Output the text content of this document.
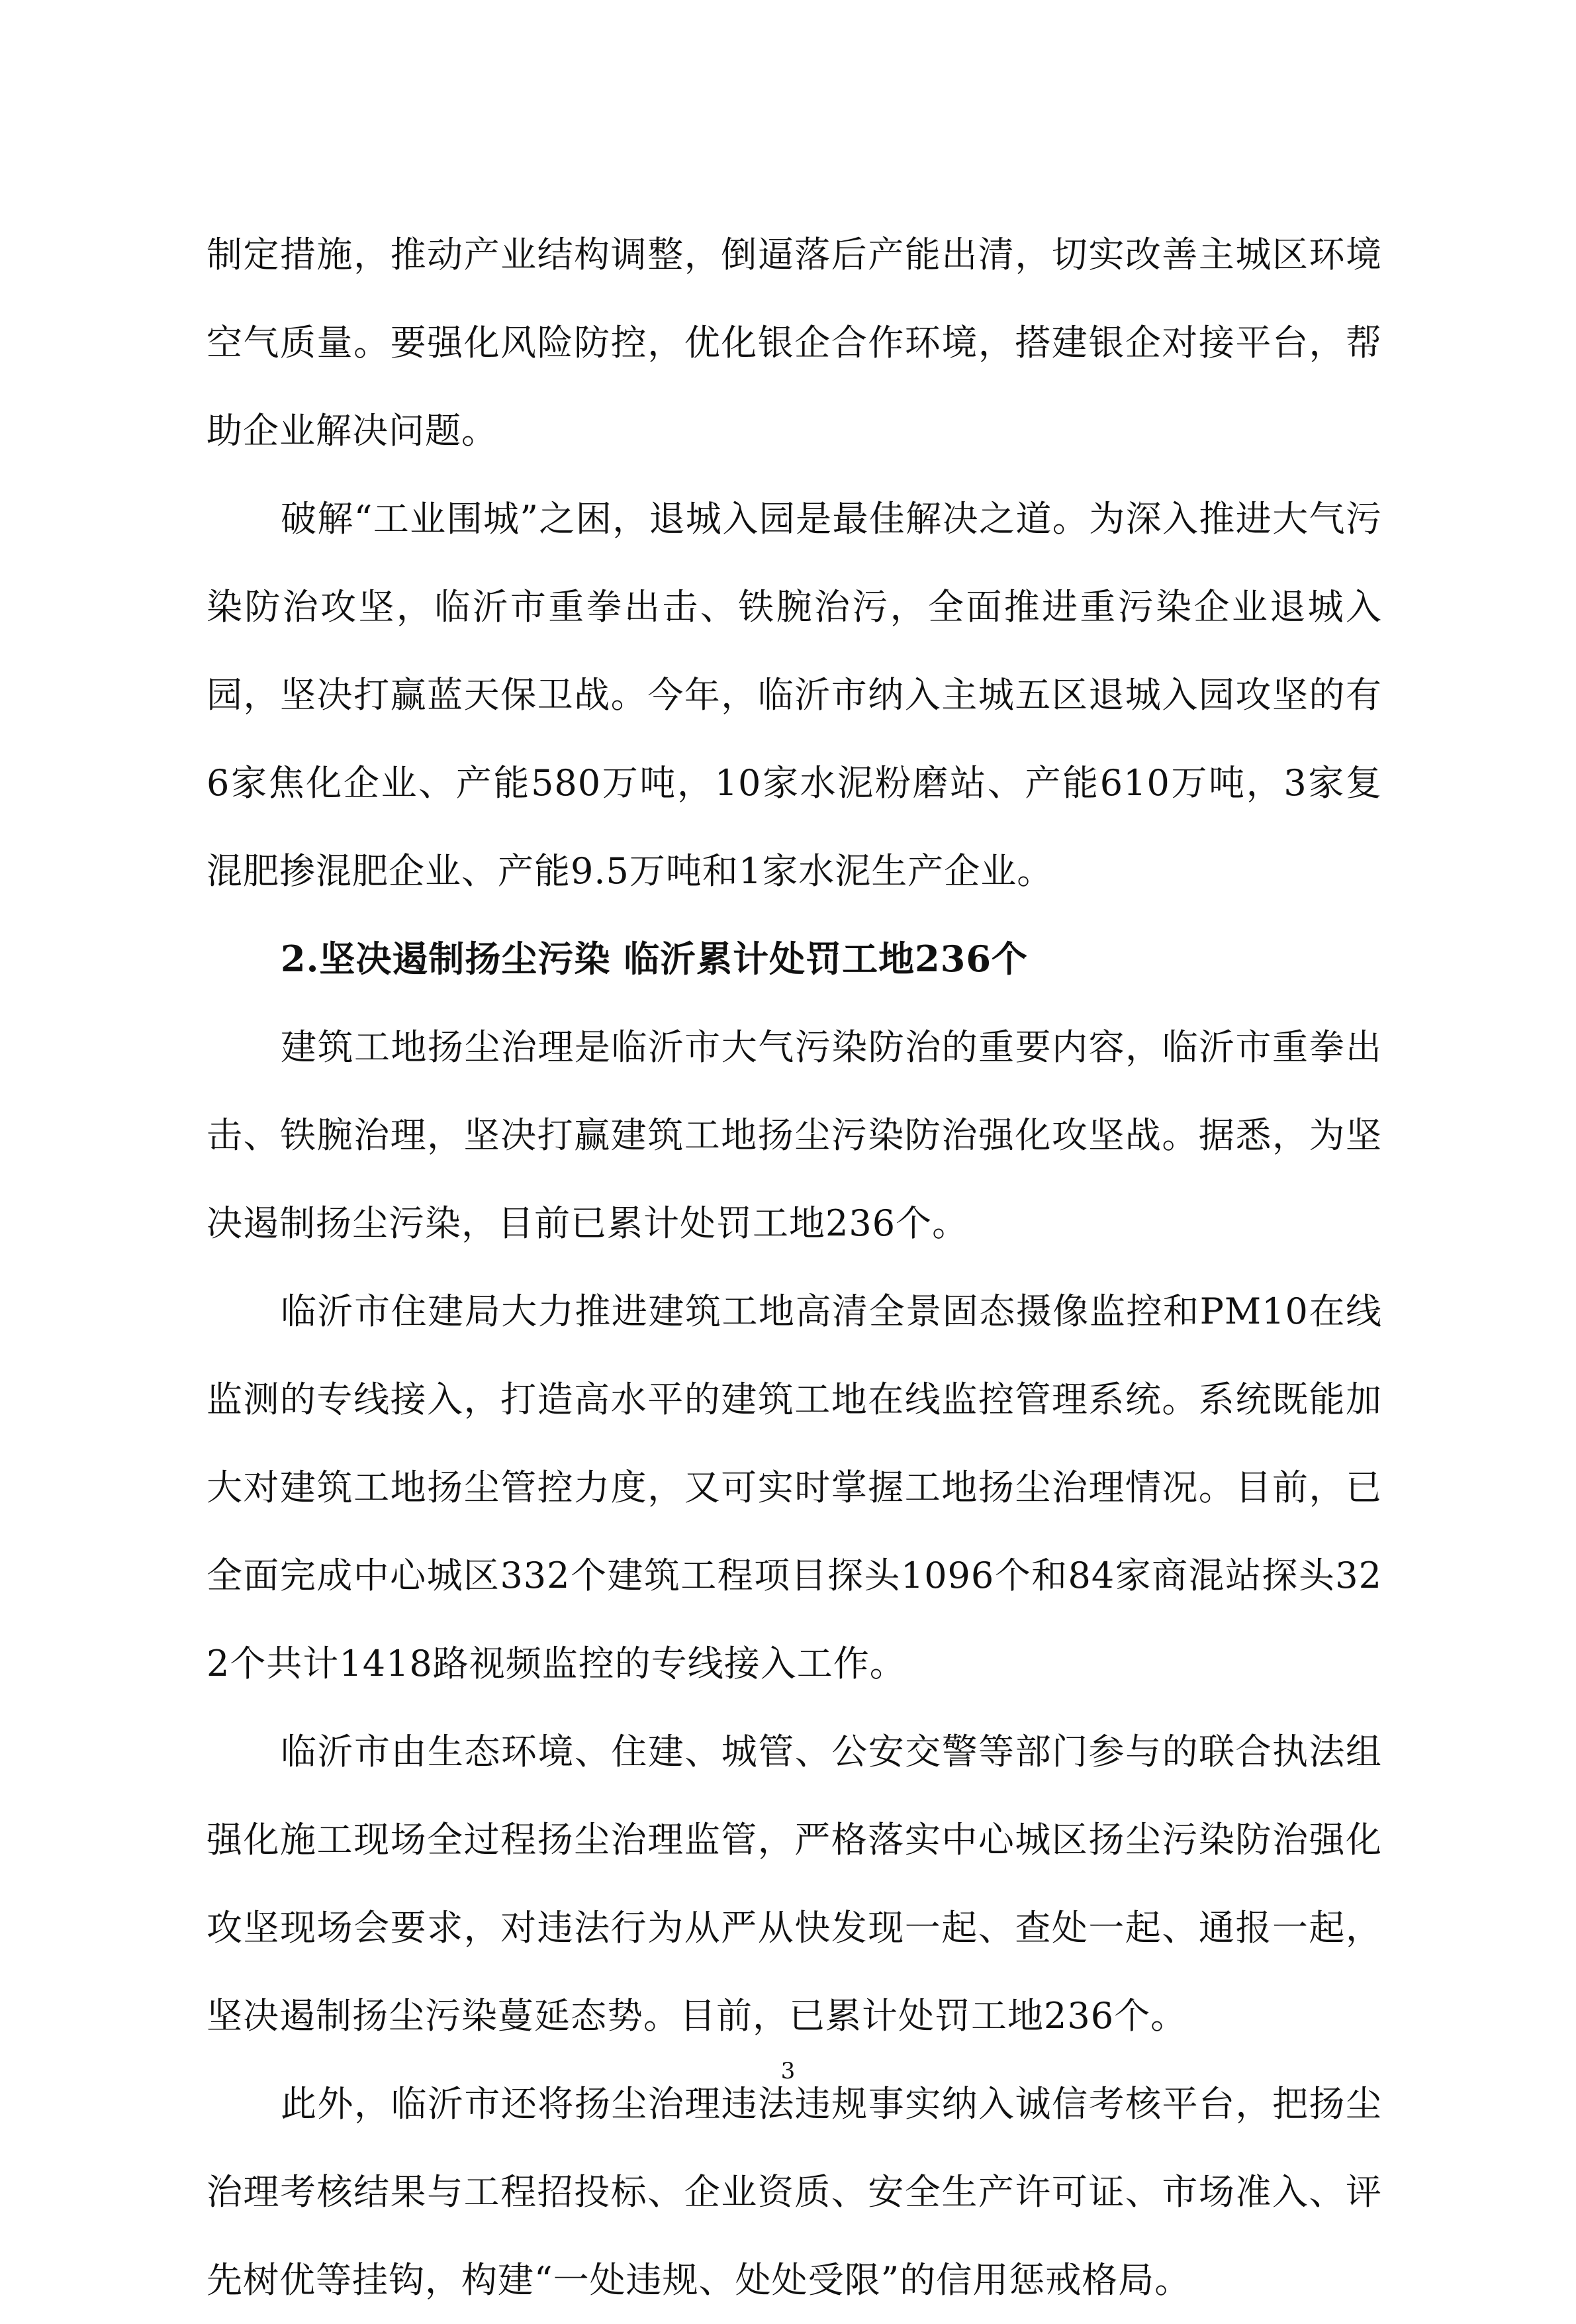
制定措施，推动产业结构调整，倒逼落后产能出清，切实改善主城区环境空气质量。要强化风险防控，优化银企合作环境，搭建银企对接平台，帮助企业解决问题。

破解“工业围城”之困，退城入园是最佳解决之道。为深入推进大气污染防治攻坚，临沂市重拳出击、铁腕治污，全面推进重污染企业退城入园，坚决打赢蓝天保卫战。今年，临沂市纳入主城五区退城入园攻坚的有6家焦化企业、产能580万吨，10家水泥粉磨站、产能610万吨，3家复混肥掺混肥企业、产能9.5万吨和1家水泥生产企业。

2.坚决遏制扬尘污染 临沂累计处罚工地236个

建筑工地扬尘治理是临沂市大气污染防治的重要内容，临沂市重拳出击、铁腕治理，坚决打赢建筑工地扬尘污染防治强化攻坚战。据悉，为坚决遏制扬尘污染，目前已累计处罚工地236个。

临沂市住建局大力推进建筑工地高清全景固态摄像监控和PM10在线监测的专线接入，打造高水平的建筑工地在线监控管理系统。系统既能加大对建筑工地扬尘管控力度，又可实时掌握工地扬尘治理情况。目前，已全面完成中心城区332个建筑工程项目探头1096个和84家商混站探头322个共计1418路视频监控的专线接入工作。

临沂市由生态环境、住建、城管、公安交警等部门参与的联合执法组强化施工现场全过程扬尘治理监管，严格落实中心城区扬尘污染防治强化攻坚现场会要求，对违法行为从严从快发现一起、查处一起、通报一起，坚决遏制扬尘污染蔓延态势。目前，已累计处罚工地236个。

此外，临沂市还将扬尘治理违法违规事实纳入诚信考核平台，把扬尘治理考核结果与工程招投标、企业资质、安全生产许可证、市场准入、评先树优等挂钩，构建“一处违规、处处受限”的信用惩戒格局。

3
